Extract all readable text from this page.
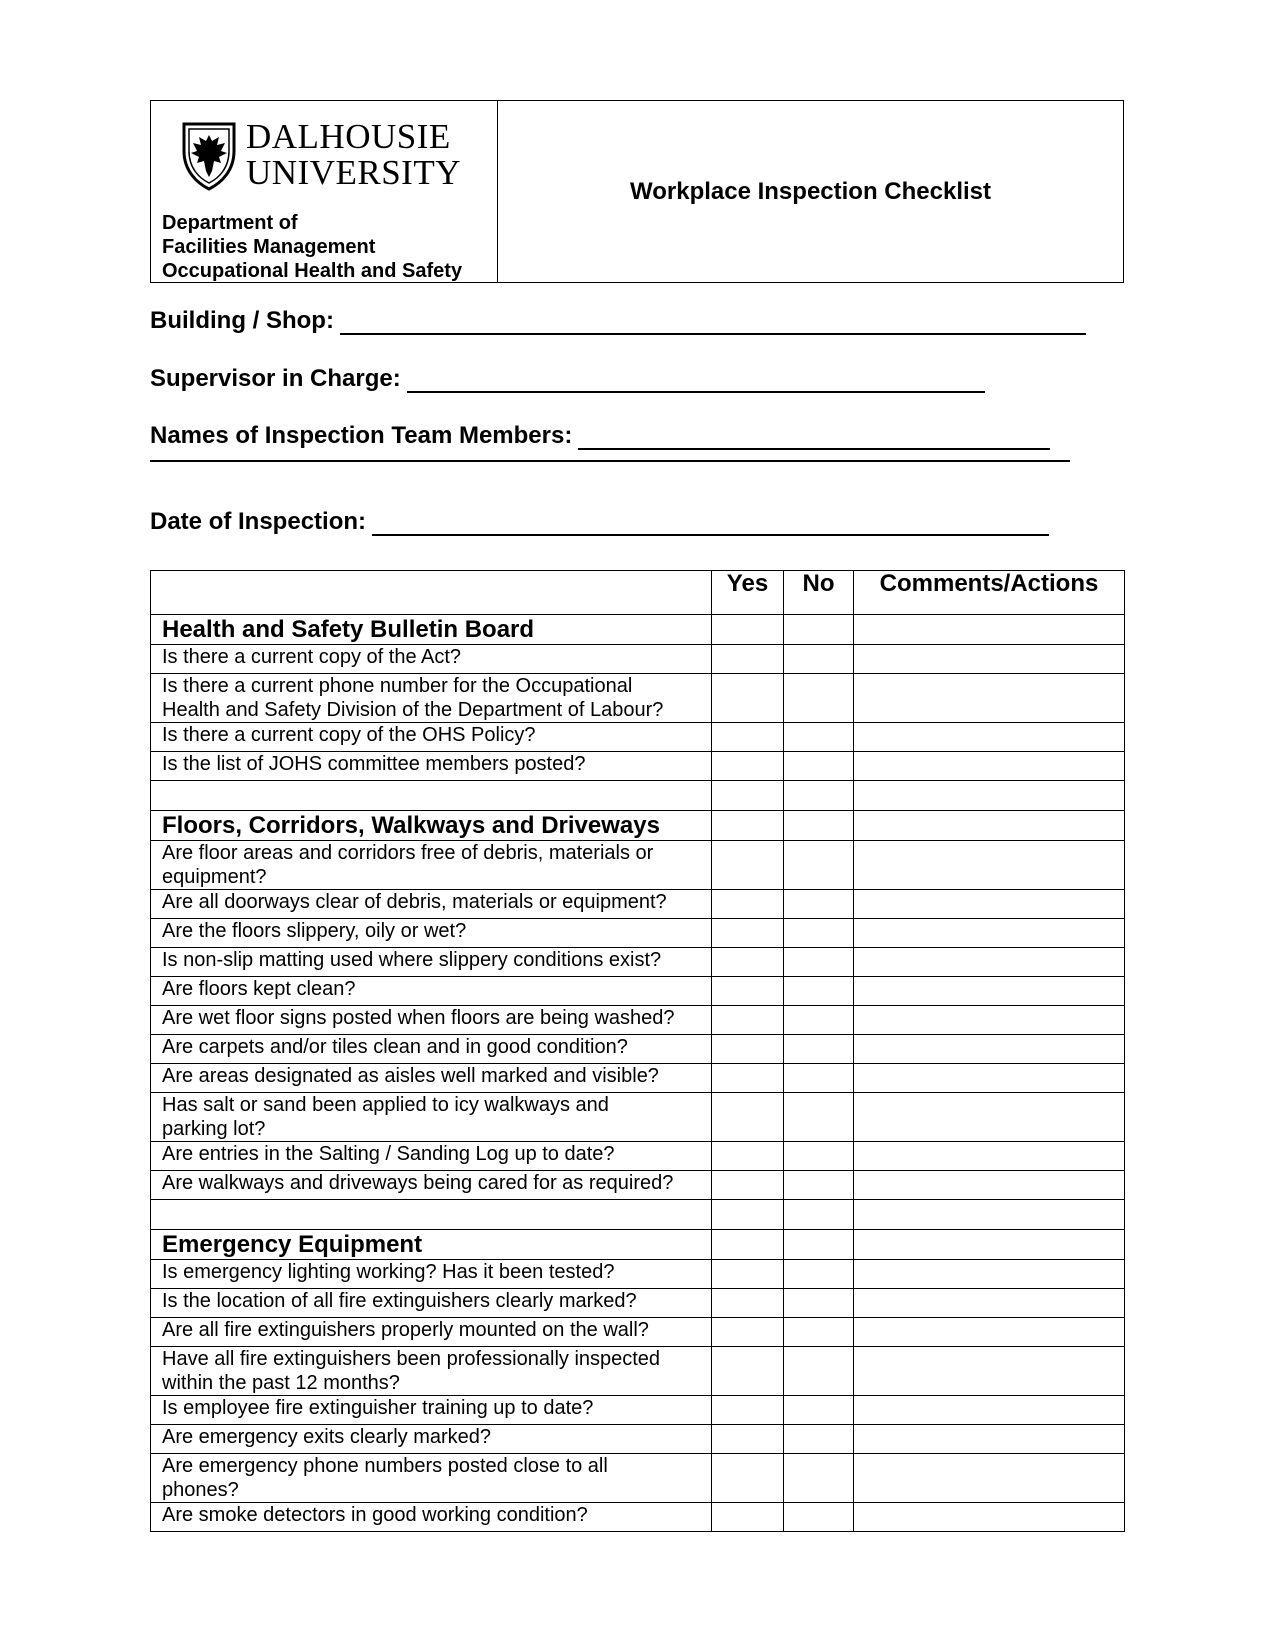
DALHOUSIE
UNIVERSITY
Department of
Facilities Management
Occupational Health and Safety
Workplace Inspection Checklist
Building / Shop:
Supervisor in Charge:
Names of Inspection Team Members:
Date of Inspection:
	Yes	No	Comments/Actions
Health and Safety Bulletin Board			

Is there a current copy of the Act?			

Is there a current phone number for the Occupational
Health and Safety Division of the Department of Labour?			

Is there a current copy of the OHS Policy?			

Is the list of JOHS committee members posted?			

Floors, Corridors, Walkways and Driveways			

Are floor areas and corridors free of debris, materials or
equipment?			

Are all doorways clear of debris, materials or equipment?			

Are the floors slippery, oily or wet?			

Is non-slip matting used where slippery conditions exist?			

Are floors kept clean?			

Are wet floor signs posted when floors are being washed?			

Are carpets and/or tiles clean and in good condition?			

Are areas designated as aisles well marked and visible?			

Has salt or sand been applied to icy walkways and
parking lot?			

Are entries in the Salting / Sanding Log up to date?			

Are walkways and driveways being cared for as required?			

Emergency Equipment			

Is emergency lighting working? Has it been tested?			

Is the location of all fire extinguishers clearly marked?			

Are all fire extinguishers properly mounted on the wall?			

Have all fire extinguishers been professionally inspected
within the past 12 months?			

Is employee fire extinguisher training up to date?			

Are emergency exits clearly marked?			

Are emergency phone numbers posted close to all
phones?			

Are smoke detectors in good working condition?			
